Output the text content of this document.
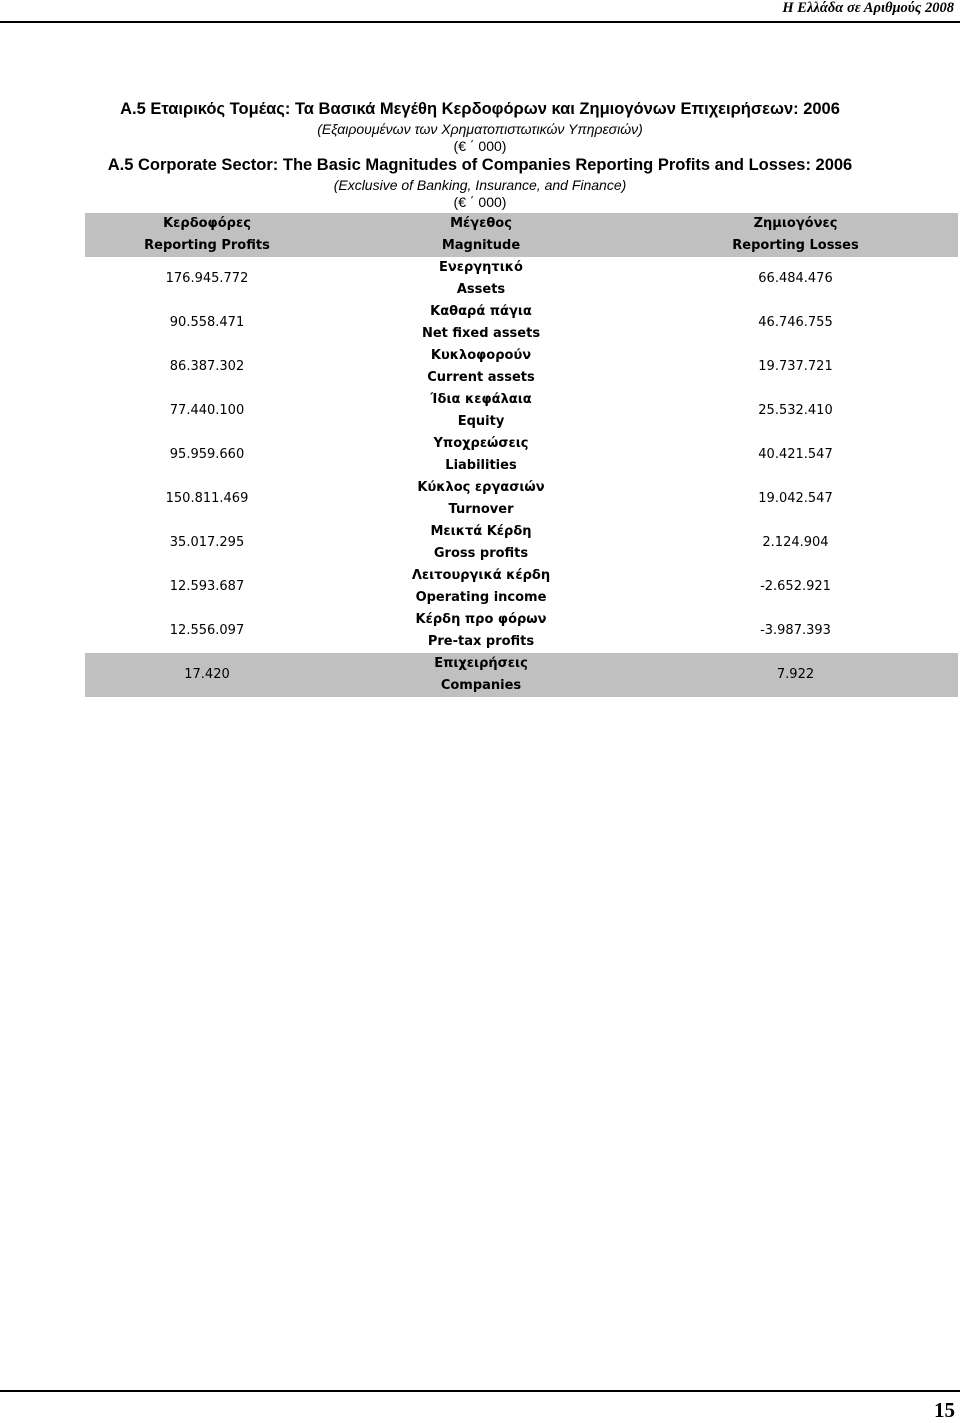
Η Ελλάδα σε Αριθμούς 2008
A.5 Εταιρικός Τομέας: Τα Βασικά Μεγέθη Κερδοφόρων και Ζημιογόνων Επιχειρήσεων: 2006
(Εξαιρουμένων των Χρηματοπιστωτικών Υπηρεσιών)
(€ ΄ 000)
A.5 Corporate Sector: The Basic Magnitudes of Companies Reporting Profits and Losses: 2006
(Exclusive of Banking, Insurance, and Finance)
(€ ΄ 000)
Κερδοφόρες
Reporting Profits
Μέγεθος
Magnitude
Ζημιογόνες
Reporting Losses
176.945.772
Ενεργητικό
Assets
66.484.476
90.558.471
Καθαρά πάγια
Net fixed assets
46.746.755
86.387.302
Κυκλοφορούν
Current assets
19.737.721
77.440.100
Ίδια κεφάλαια
Equity
25.532.410
95.959.660
Υποχρεώσεις
Liabilities
40.421.547
150.811.469
Κύκλος εργασιών
Turnover
19.042.547
35.017.295
Μεικτά Κέρδη
Gross profits
2.124.904
12.593.687
Λειτουργικά κέρδη
Operating income
-2.652.921
12.556.097
Κέρδη προ φόρων
Pre-tax profits
-3.987.393
17.420
Επιχειρήσεις
Companies
7.922
15
